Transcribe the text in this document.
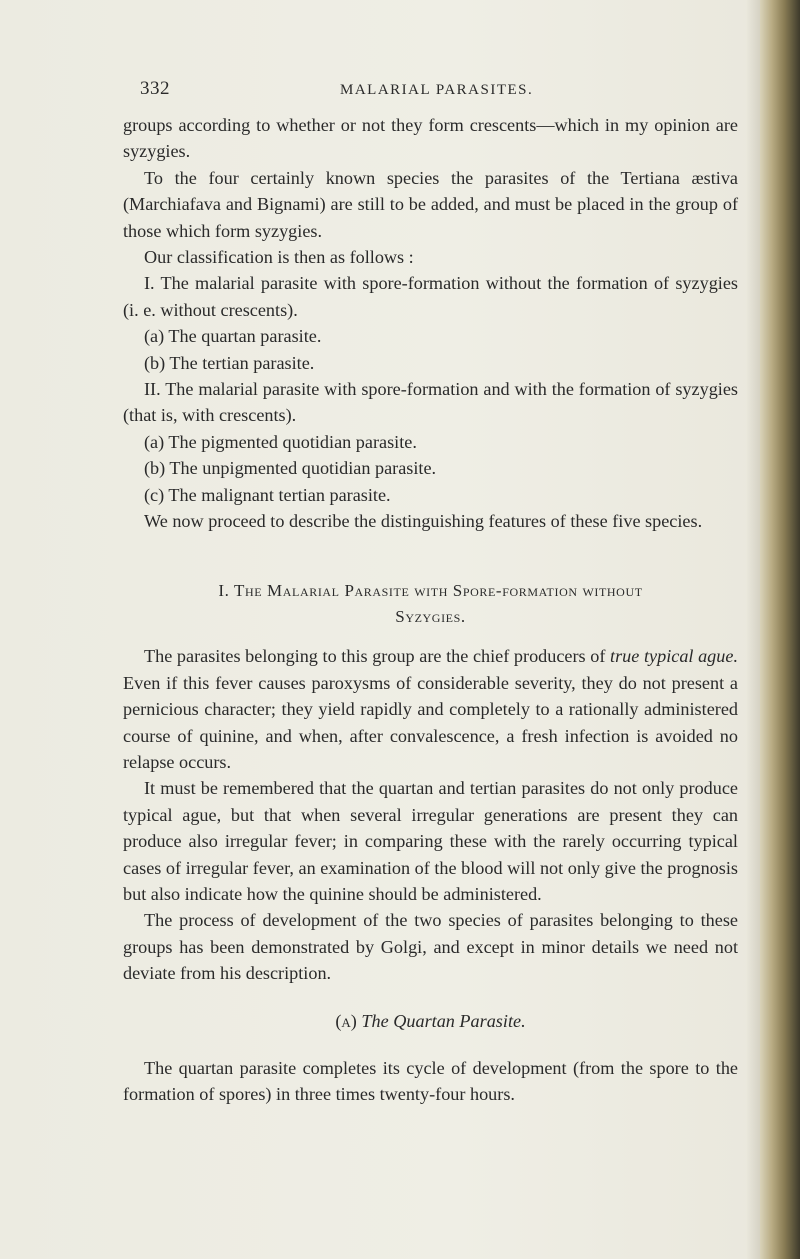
332	MALARIAL PARASITES.

groups according to whether or not they form crescents—which in my opinion are syzygies.

To the four certainly known species the parasites of the Tertiana æstiva (Marchiafava and Bignami) are still to be added, and must be placed in the group of those which form syzygies.

Our classification is then as follows :

I. The malarial parasite with spore-formation without the formation of syzygies (i. e. without crescents).

(a) The quartan parasite.

(b) The tertian parasite.

II. The malarial parasite with spore-formation and with the formation of syzygies (that is, with crescents).

(a) The pigmented quotidian parasite.

(b) The unpigmented quotidian parasite.

(c) The malignant tertian parasite.

We now proceed to describe the distinguishing features of these five species.

I. The Malarial Parasite with Spore-formation without
Syzygies.

The parasites belonging to this group are the chief producers of true typical ague. Even if this fever causes paroxysms of considerable severity, they do not present a pernicious character; they yield rapidly and completely to a rationally administered course of quinine, and when, after convalescence, a fresh infection is avoided no relapse occurs.

It must be remembered that the quartan and tertian parasites do not only produce typical ague, but that when several irregular generations are present they can produce also irregular fever; in comparing these with the rarely occurring typical cases of irregular fever, an examination of the blood will not only give the prognosis but also indicate how the quinine should be administered.

The process of development of the two species of parasites belonging to these groups has been demonstrated by Golgi, and except in minor details we need not deviate from his description.

(a) The Quartan Parasite.

The quartan parasite completes its cycle of development (from the spore to the formation of spores) in three times twenty-four hours.
